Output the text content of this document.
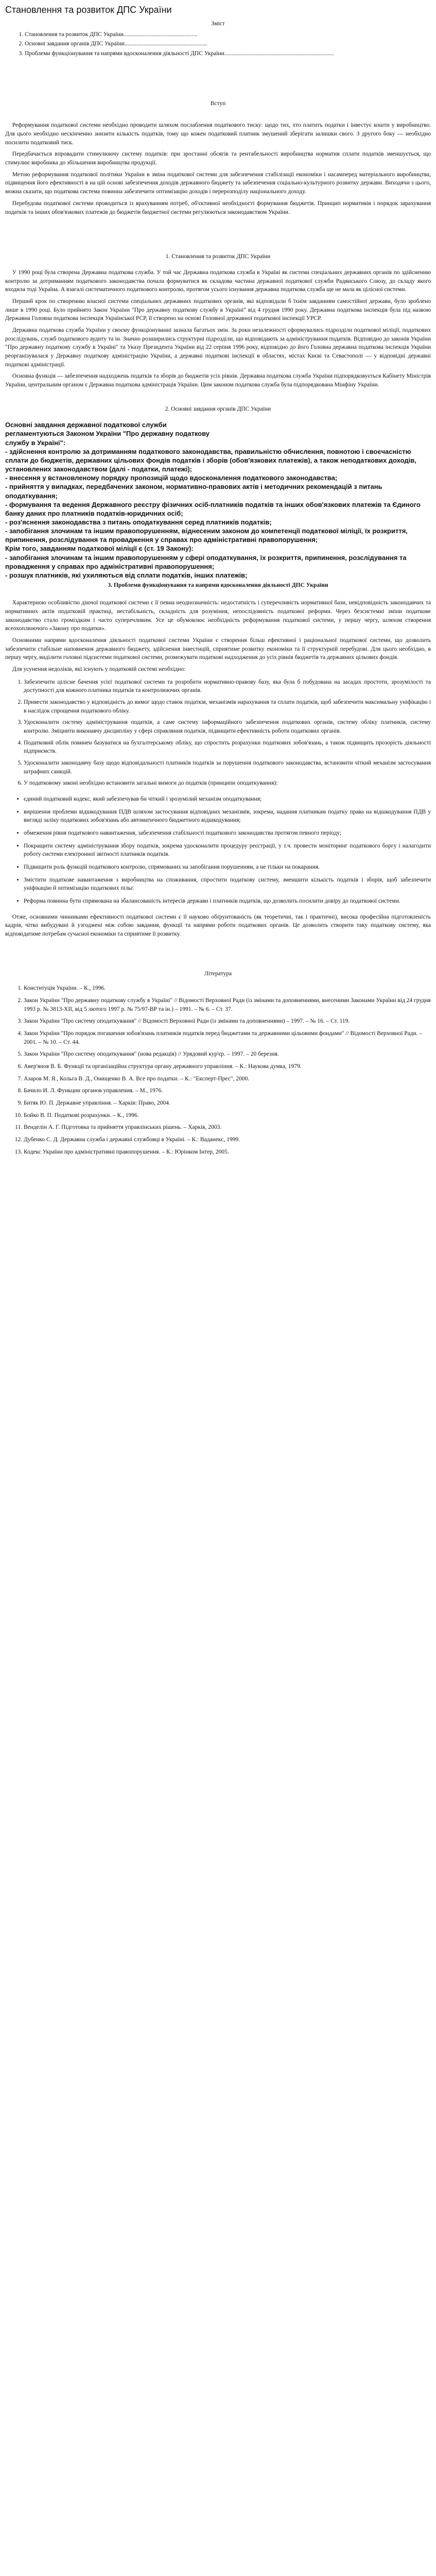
Становлення та розвиток ДПС України
Зміст
1. Становлення та розвиток ДПС України..................................................
2. Основні завдання органів ДПС України........................................................
3. Проблеми функціонування та напрями вдосконалення діяльності ДПС України..........................................................................
Вступ

Реформування податкової системи необхідно проводити шляхом послаблення податкового тиску: щодо тих, хто платить податки і інвестує кошти у виробництво. Для цього необхідно нескінченно знизити кількість податків, тому що кожен податковий платник змушений зберігати залишки свого. З другого боку — необхідно посилити податковий тиск.

Передбачається впровадити стимулюючу систему податків: при зростанні обсягів та рентабельності виробництва норматив сплати податків зменшується, що стимулює виробника до збільшення виробництва продукції.

Метою реформування податкової політики України в зміна податкової системи для забезпечення стабілізації економіки і насамперед матеріального виробництва, підвищення його ефективності в на цій основі забезпечення доходів державного бюджету та забезпечення соціально-культурного розвитку держави. Виходячи з цього, можна сказати, що податкова система повинна забезпечити оптимізацію доходів і перерозподілу національного доходу.

Перебудова податкової системи проводиться із врахуванням потреб, об'єктивної необхідності формування бюджетів. Принцип нормативів і порядок зарахування податків та інших обов'язкових платежів до бюджетів бюджетної системи регулюються законодавством України.

1. Становлення та розвиток ДПС України

У 1990 році була створена Державна податкова служба. У той час Державна податкова служба в Україні як система спеціальних державних органів по здійсненню контролю за дотриманням податкового законодавства почала формуватися як складова частина державної податкової служби Радянського Союзу, до складу якого входила тоді Україна. А взагалі систематичного податкового контролю, протягом усього існування державна податкова служба ще не мала як цілісної системи.

Перший крок по створенню власної системи спеціальних державних податкових органів, які відповідали б їхнім завданням самостійної держави, було зроблено лише в 1990 році. Було прийнято Закон України "Про державну податкову службу в Україні" від 4 грудня 1990 року. Державна податкова інспекція була під назвою Державна Головна податкова інспекція Української РСР, її створено на основі Головної державної податкової інспекції УРСР.

Державна податкова служба України у своєму функціонуванні зазнала багатьох змін. За роки незалежності сформувались підрозділи податкової міліції, податкових розслідувань, служб податкового аудиту та ін. Значно розширились структурні підрозділи, що відповідають за адміністрування податків. Відповідно до законів України "Про державну податкову службу в Україні" та Указу Президента України від 22 серпня 1996 року, відповідно до його Головна державна податкова інспекція України реорганізувалася у Державну податкову адміністрацію України, а державні податкові інспекції в областях, містах Києві та Севастополі — у відповідні державні податкові адміністрації.

Основна функція — забезпечення надходжень податків та зборів до бюджетів усіх рівнів. Державна податкова служба України підпорядковується Кабінету Міністрів України, центральним органом є Державна податкова адміністрація України. Цим законом податкова служба була підпорядкована Мінфіну України.

2. Основні завдання органів ДПС України
Основні завдання державної податкової служби
регламентуються Законом України "Про державну податкову
службу в Україні":
- здійснення контролю за дотриманням податкового законодавства, правильністю обчислення, повнотою і своєчасністю сплати до бюджетів, державних цільових фондів податків і зборів (обов'язкових платежів), а також неподаткових доходів, установлених законодавством (далі - податки, платежі);
- внесення у встановленому порядку пропозицій щодо вдосконалення податкового законодавства;
- прийняття у випадках, передбачених законом, нормативно-правових актів і методичних рекомендацій з питань оподаткування;
- формування та ведення Державного реєстру фізичних осіб-платників податків та інших обов'язкових платежів та Єдиного банку даних про платників податків-юридичних осіб;
- роз'яснення законодавства з питань оподаткування серед платників податків;
- запобігання злочинам та іншим правопорушенням, віднесеним законом до компетенції податкової міліції, їх розкриття, припинення, розслідування та провадження у справах про адміністративні правопорушення;
Крім того, завданням податкової міліції є (ст. 19 Закону):
- запобігання злочинам та іншим правопорушенням у сфері оподаткування, їх розкриття, припинення, розслідування та провадження у справах про адміністративні правопорушення;
- розшук платників, які ухиляються від сплати податків, інших платежів;
3. Проблеми функціонування та напрями вдосконалення діяльності ДПС України

Характерною особливістю діючої податкової системи є її певна неоднозначність: недостатність і суперечливість нормативної бази, невідповідність законодавчих та нормативних актів податковій практиці, нестабільність, складність для розуміння, непослідовність податкової реформи. Через безсистемні зміни податкове законодавство стало громіздким і часто суперечливим. Усе це обумовлює необхідність реформування податкової системи, у першу чергу, шляхом створення всеохоплюючого «Закону про податки».

Основними напрями вдосконалення діяльності податкової системи України є створення більш ефективної і раціональної податкової системи, що дозволить забезпечити стабільне наповнення державного бюджету, здійснення інвестицій, сприятиме розвитку економіки та її структурній перебудові. Для цього необхідно, в першу чергу, виділити головні підсистеми податкової системи, розмежувати податкові надходження до усіх рівнів бюджетів та державних цільових фондів.

Для усунення недоліків, які існують у податковій системі необхідно:

1. Забезпечити цілісне бачення усієї податкової системи та розробити нормативно-правову базу, яка була б побудована на засадах простоти, зрозумілості та доступності для кожного платника податків та контролюючих органів.
2. Привести законодавство у відповідність до вимог щодо ставок податків, механізмів нарахування та сплати податків, щоб забезпечити максимальну уніфікацію і в наслідок спрощення податкового обліку.
3. Удосконалити систему адміністрування податків, а саме систему інформаційного забезпечення податкових органів, систему обліку платників, систему контролю. Зміцнити виконавчу дисципліну у сфері справляння податків, підвищити ефективність роботи податкових органів.
4. Податковий облік повинен базуватися на бухгалтерському обліку, що спростить розрахунки податкових зобов'язань, а також підвищить прозорість діяльності підприємств.
5. Удосконалити законодавчу базу щодо відповідальності платників податків за порушення податкового законодавства, встановити чіткий механізм застосування штрафних санкцій.
6. У податковому законі необхідно встановити загальні вимоги до податків (принципи оподаткування):
• єдиний податковий кодекс, який забезпечував би чіткий і зрозумілий механізм оподаткування;
• вирішення проблеми відшкодування ПДВ шляхом застосування відповідних механізмів, зокрема, надання платникам податку права на відшкодування ПДВ у вигляді заліку податкових зобов'язань або автоматичного бюджетного відшкодування;
• обмеження рівня податкового навантаження, забезпечення стабільності податкового законодавства протягом певного періоду;
• Покращити систему адміністрування збору податків, зокрема удосконалити процедуру реєстрації, у т.ч. провести моніторинг податкового боргу і налагодити роботу системи електронної звітності платників податків.
• Підвищити роль функцій податкового контролю, спрямованих на запобігання порушенням, а не тільки на покарання.
• Змістити податкове навантаження з виробництва на споживання, спростити податкову систему, зменшити кількість податків і зборів, щоб забезпечити уніфікацію й оптимізацію податкових пільг.
• Реформа повинна бути спрямована на збалансованість інтересів держави і платників податків, що дозволить посилити довіру до податкової системи.

Отже, основними чинниками ефективності податкової системи є її науково обґрунтованість (як теоретичні, так і практичні), висока професійна підготовленість кадрів, чітко вибудувані й узгоджені між собою завдання, функції та напрями роботи податкових органів. Це дозволить створити таку податкову систему, яка відповідатиме потребам сучасної економіки та сприятиме її розвитку.

Література
1. Конституція України. – К., 1996.
2. Закон України "Про державну податкову службу в Україні" // Відомості Верховної Ради (із змінами та доповненнями, внесеними Законами України від 24 грудня 1993 р. № 3813-XII, від 5 лютого 1997 р. № 75/97-ВР та ін.) – 1991. – № 6. – Ст. 37.
3. Закон України "Про систему оподаткування" // Відомості Верховної Ради (із змінами та доповненнями) – 1997. – № 16. – Ст. 119.
4. Закон України "Про порядок погашення зобов'язань платників податків перед бюджетами та державними цільовими фондами" // Відомості Верховної Ради. – 2001. – № 10. – Ст. 44.
5. Закон України "Про систему оподаткування" (нова редакція) // Урядовий кур'єр. – 1997. – 20 березня.
6. Авер'янов В. Б. Функції та організаційна структура органу державного управління. – К.: Наукова думка, 1979.
7. Азаров М. Я., Кольга В. Д., Онищенко В. А. Все про податки. – К.: "Експерт-Прес", 2000.
8. Бачило И. Л. Функции органов управления. – М., 1976.
9. Битяк Ю. П. Державне управління. – Харків: Право, 2004.
10. Бойко В. П. Податкові розрахунки. – К., 1996.
11. Венделін А. Г. Підготовка та прийняття управлінських рішень. – Харків, 2003.
12. Дубенко С. Д. Державна служба і державні службовці в Україні. – К.: Ваданекс, 1999.
13. Кодекс України про адміністративні правопорушення. – К.: Юрінком Інтер, 2005.
